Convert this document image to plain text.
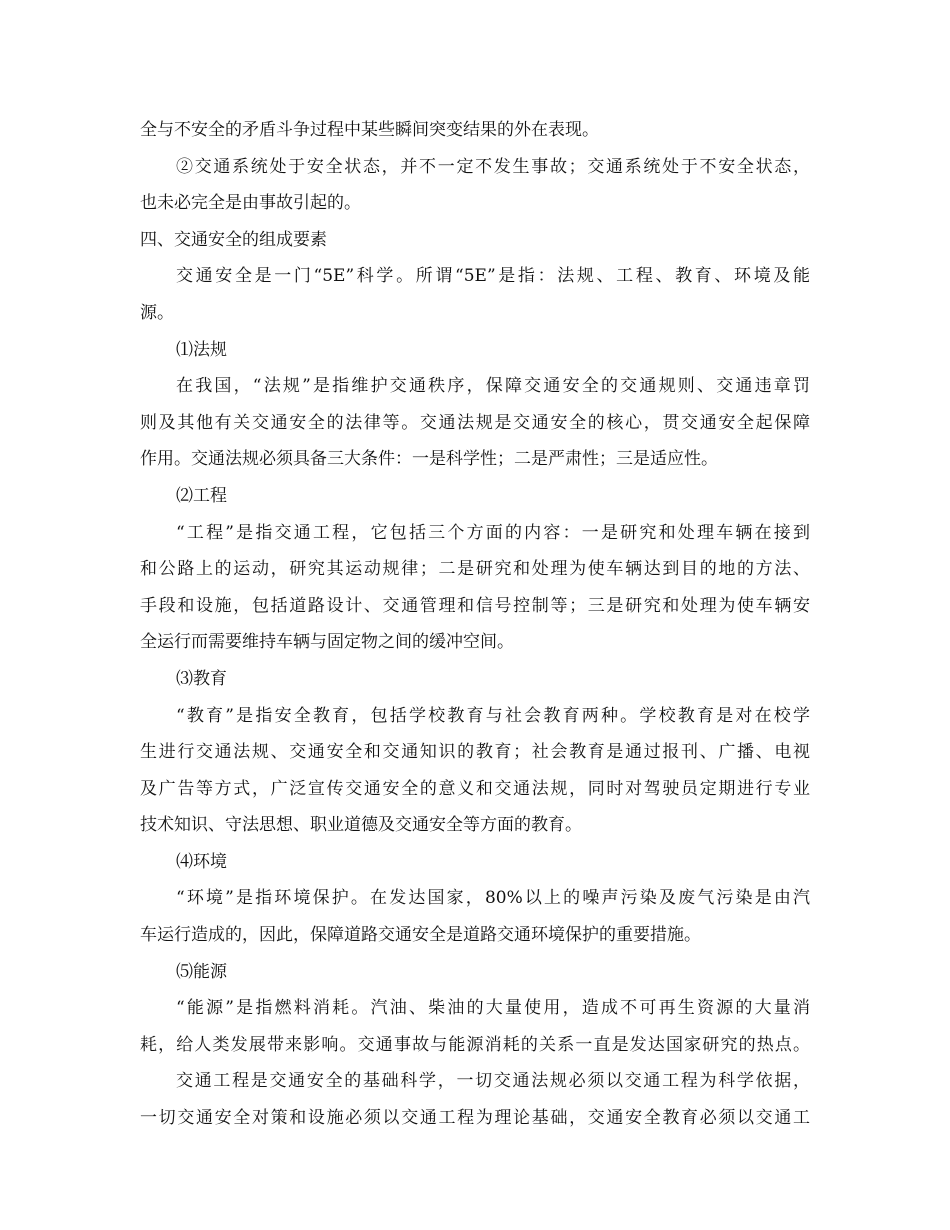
全与不安全的矛盾斗争过程中某些瞬间突变结果的外在表现。
②交通系统处于安全状态，并不一定不发生事故；交通系统处于不安全状态，
也未必完全是由事故引起的。
四、交通安全的组成要素
交通安全是一门“5E”科学。所谓“5E”是指：法规、工程、教育、环境及能
源。
⑴法规
在我国，“法规”是指维护交通秩序，保障交通安全的交通规则、交通违章罚
则及其他有关交通安全的法律等。交通法规是交通安全的核心，贯交通安全起保障
作用。交通法规必须具备三大条件：一是科学性；二是严肃性；三是适应性。
⑵工程
“工程”是指交通工程，它包括三个方面的内容：一是研究和处理车辆在接到
和公路上的运动，研究其运动规律；二是研究和处理为使车辆达到目的地的方法、
手段和设施，包括道路设计、交通管理和信号控制等；三是研究和处理为使车辆安
全运行而需要维持车辆与固定物之间的缓冲空间。
⑶教育
“教育”是指安全教育，包括学校教育与社会教育两种。学校教育是对在校学
生进行交通法规、交通安全和交通知识的教育；社会教育是通过报刊、广播、电视
及广告等方式，广泛宣传交通安全的意义和交通法规，同时对驾驶员定期进行专业
技术知识、守法思想、职业道德及交通安全等方面的教育。
⑷环境
“环境”是指环境保护。在发达国家，80%以上的噪声污染及废气污染是由汽
车运行造成的，因此，保障道路交通安全是道路交通环境保护的重要措施。
⑸能源
“能源”是指燃料消耗。汽油、柴油的大量使用，造成不可再生资源的大量消
耗，给人类发展带来影响。交通事故与能源消耗的关系一直是发达国家研究的热点。
交通工程是交通安全的基础科学，一切交通法规必须以交通工程为科学依据，
一切交通安全对策和设施必须以交通工程为理论基础，交通安全教育必须以交通工
